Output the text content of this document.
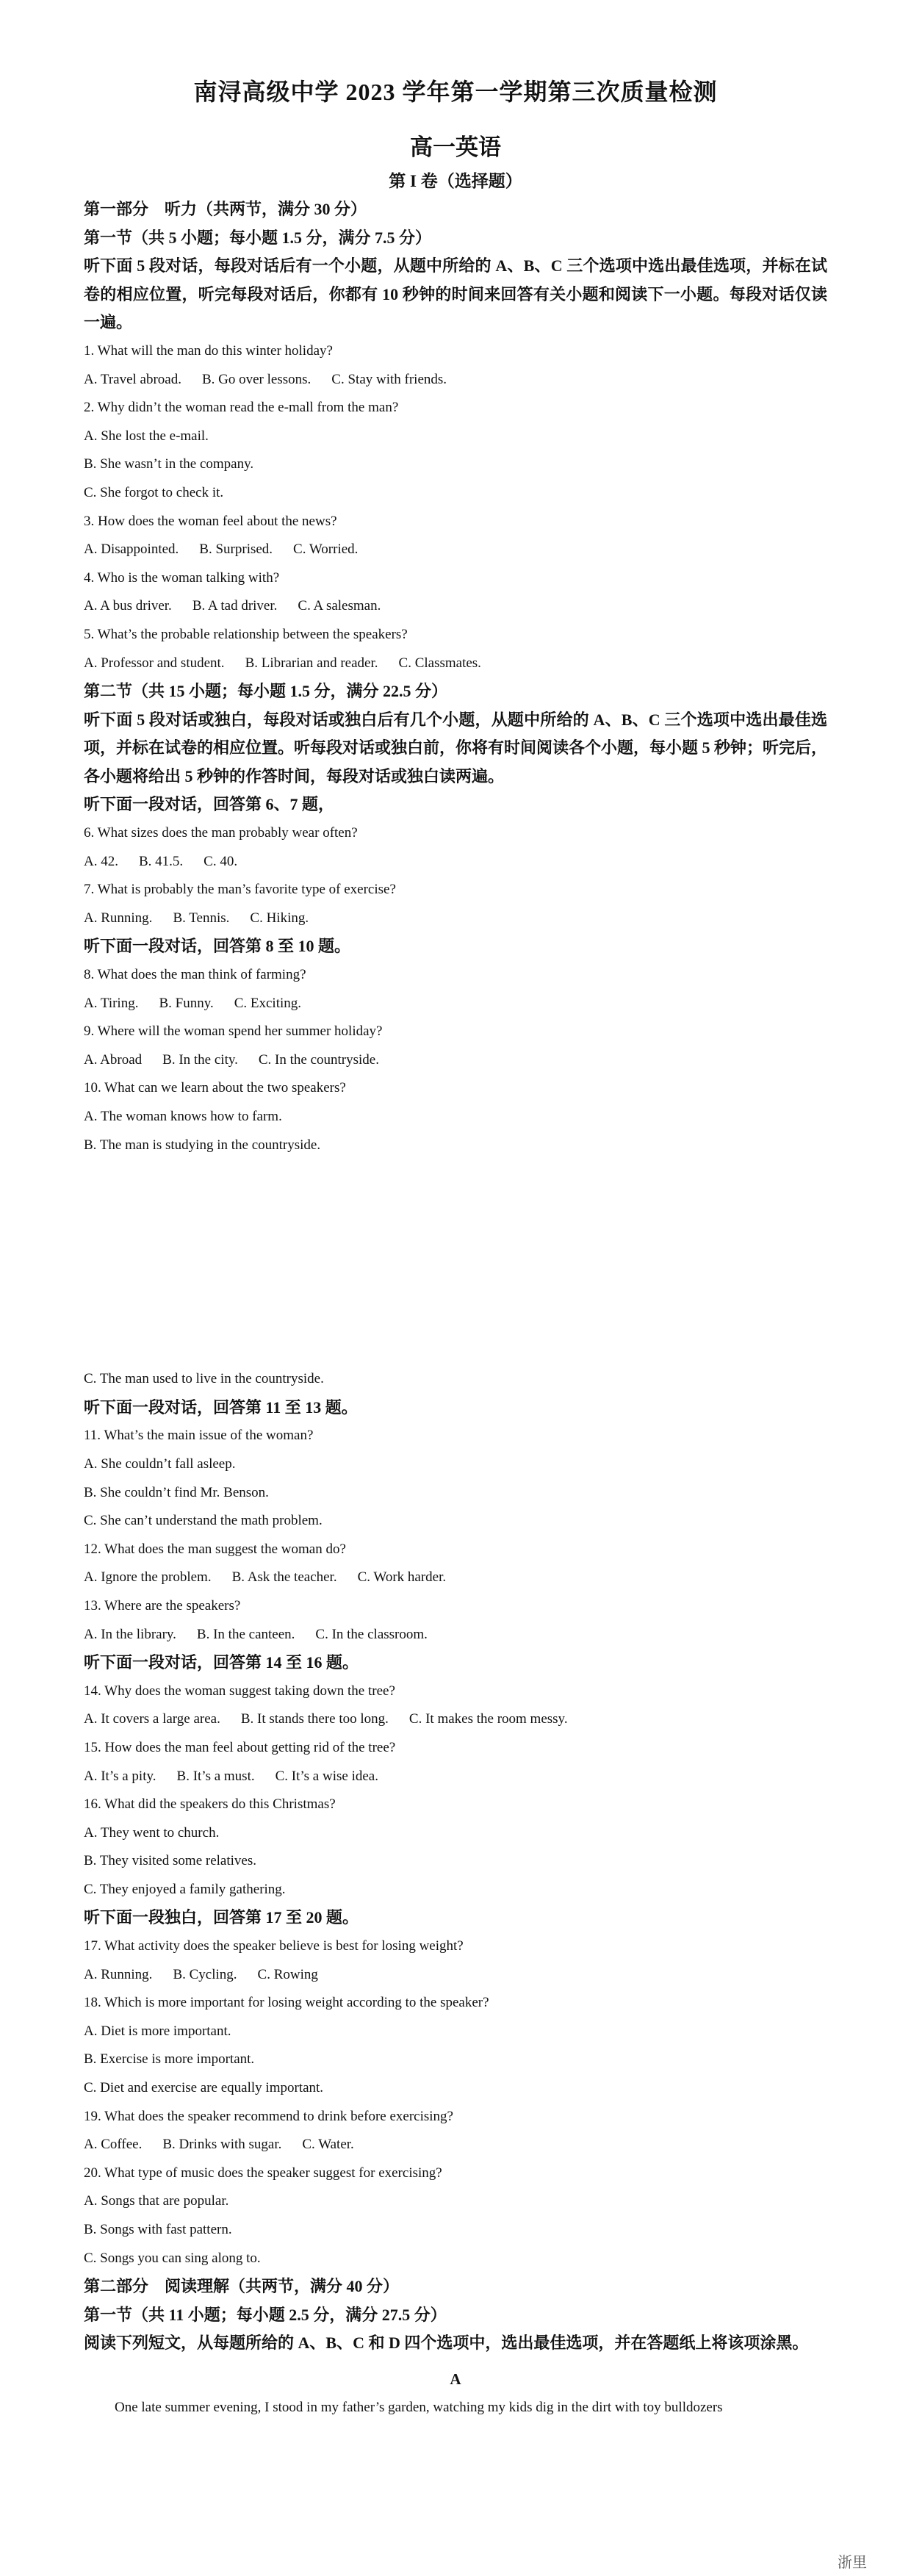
南浔高级中学 2023 学年第一学期第三次质量检测
高一英语
第 I 卷（选择题）
第一部分　听力（共两节，满分 30 分）
第一节（共 5 小题；每小题 1.5 分，满分 7.5 分）
听下面 5 段对话，每段对话后有一个小题，从题中所给的 A、B、C 三个选项中选出最佳选项，并标在试卷的相应位置，听完每段对话后，你都有 10 秒钟的时间来回答有关小题和阅读下一小题。每段对话仅读一遍。
1. What will the man do this winter holiday?
A. Travel abroad. B. Go over lessons. C. Stay with friends.
2. Why didn’t the woman read the e-mall from the man?
A. She lost the e-mail.
B. She wasn’t in the company.
C. She forgot to check it.
3. How does the woman feel about the news?
A. Disappointed. B. Surprised. C. Worried.
4. Who is the woman talking with?
A. A bus driver. B. A tad driver. C. A salesman.
5. What’s the probable relationship between the speakers?
A. Professor and student. B. Librarian and reader. C. Classmates.
第二节（共 15 小题；每小题 1.5 分，满分 22.5 分）
听下面 5 段对话或独白，每段对话或独白后有几个小题，从题中所给的 A、B、C 三个选项中选出最佳选项，并标在试卷的相应位置。听每段对话或独白前，你将有时间阅读各个小题，每小题 5 秒钟；听完后，各小题将给出 5 秒钟的作答时间，每段对话或独白读两遍。
听下面一段对话，回答第 6、7 题，
6. What sizes does the man probably wear often?
A. 42. B. 41.5. C. 40.
7. What is probably the man’s favorite type of exercise?
A. Running. B. Tennis. C. Hiking.
听下面一段对话，回答第 8 至 10 题。
8. What does the man think of farming?
A. Tiring. B. Funny. C. Exciting.
9. Where will the woman spend her summer holiday?
A. Abroad B. In the city. C. In the countryside.
10. What can we learn about the two speakers?
A. The woman knows how to farm.
B. The man is studying in the countryside.
C. The man used to live in the countryside.
听下面一段对话，回答第 11 至 13 题。
11. What’s the main issue of the woman?
A. She couldn’t fall asleep.
B. She couldn’t find Mr. Benson.
C. She can’t understand the math problem.
12. What does the man suggest the woman do?
A. Ignore the problem. B. Ask the teacher. C. Work harder.
13. Where are the speakers?
A. In the library. B. In the canteen. C. In the classroom.
听下面一段对话，回答第 14 至 16 题。
14. Why does the woman suggest taking down the tree?
A. It covers a large area. B. It stands there too long. C. It makes the room messy.
15. How does the man feel about getting rid of the tree?
A. It’s a pity. B. It’s a must. C. It’s a wise idea.
16. What did the speakers do this Christmas?
A. They went to church.
B. They visited some relatives.
C. They enjoyed a family gathering.
听下面一段独白，回答第 17 至 20 题。
17. What activity does the speaker believe is best for losing weight?
A. Running. B. Cycling. C. Rowing
18. Which is more important for losing weight according to the speaker?
A. Diet is more important.
B. Exercise is more important.
C. Diet and exercise are equally important.
19. What does the speaker recommend to drink before exercising?
A. Coffee. B. Drinks with sugar. C. Water.
20. What type of music does the speaker suggest for exercising?
A. Songs that are popular.
B. Songs with fast pattern.
C. Songs you can sing along to.
第二部分　阅读理解（共两节，满分 40 分）
第一节（共 11 小题；每小题 2.5 分，满分 27.5 分）
阅读下列短文，从每题所给的 A、B、C 和 D 四个选项中，选出最佳选项，并在答题纸上将该项涂黑。
A
One late summer evening, I stood in my father’s garden, watching my kids dig in the dirt with toy bulldozers
浙里
